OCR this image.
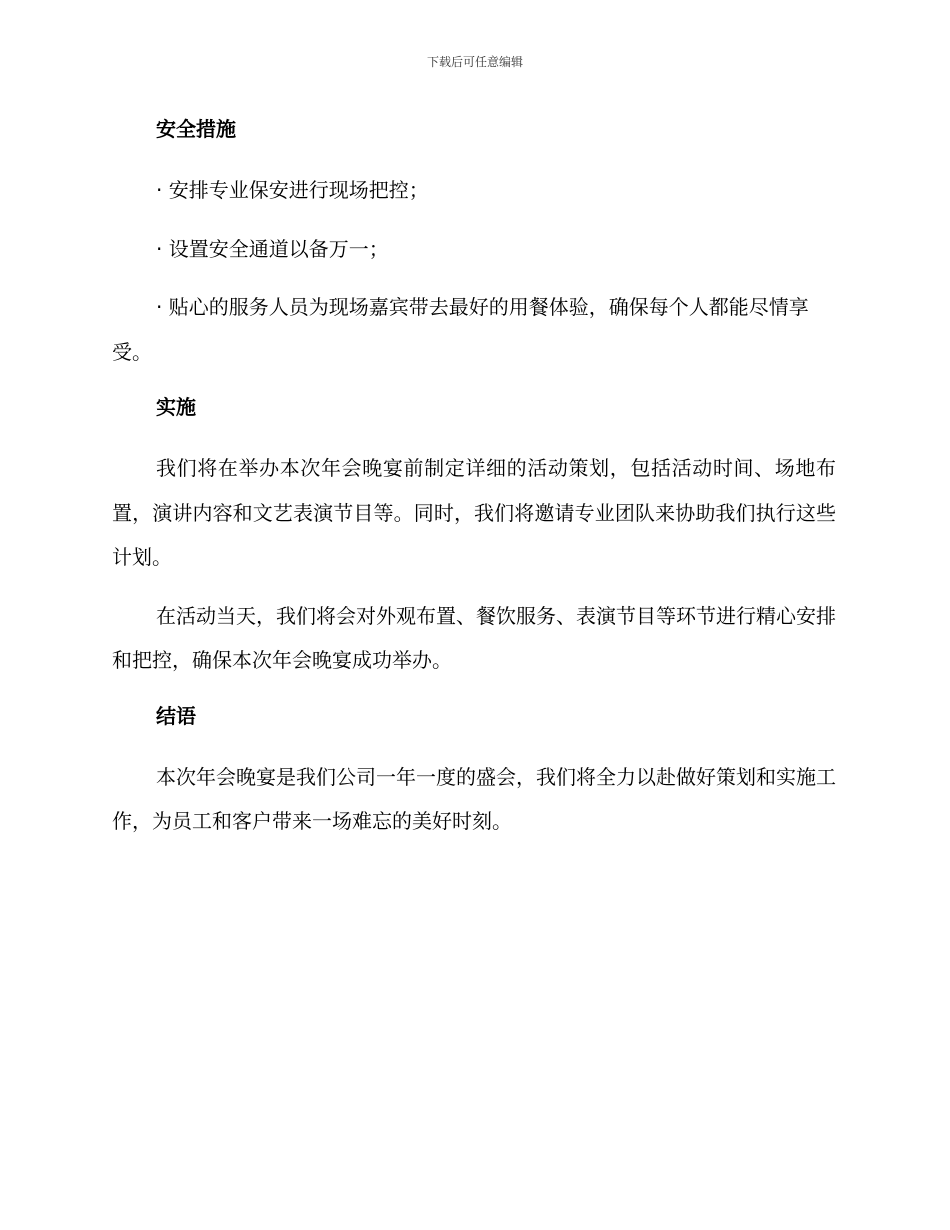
下载后可任意编辑
安全措施
· 安排专业保安进行现场把控；
· 设置安全通道以备万一；
· 贴心的服务人员为现场嘉宾带去最好的用餐体验，确保每个人都能尽情享受。
实施
我们将在举办本次年会晚宴前制定详细的活动策划，包括活动时间、场地布置，演讲内容和文艺表演节目等。同时，我们将邀请专业团队来协助我们执行这些计划。
在活动当天，我们将会对外观布置、餐饮服务、表演节目等环节进行精心安排和把控，确保本次年会晚宴成功举办。
结语
本次年会晚宴是我们公司一年一度的盛会，我们将全力以赴做好策划和实施工作，为员工和客户带来一场难忘的美好时刻。
